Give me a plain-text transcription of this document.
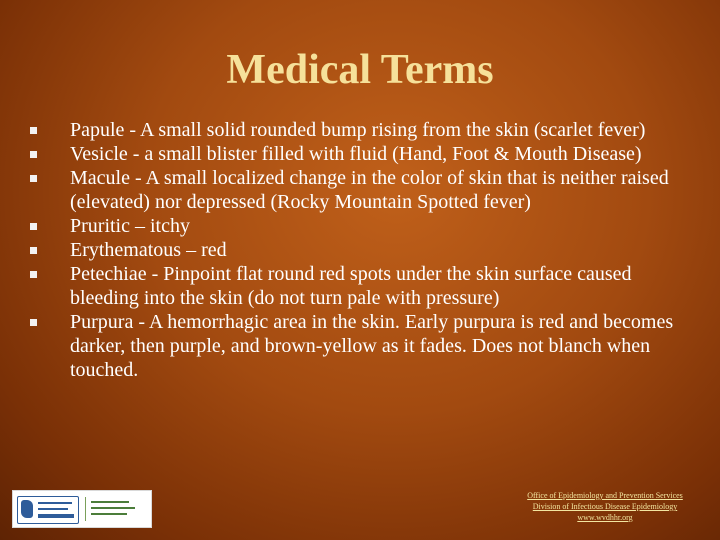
Medical Terms
Papule - A small solid rounded bump rising from the skin (scarlet fever)
Vesicle - a small blister filled with fluid (Hand, Foot & Mouth Disease)
Macule - A small localized change in the color of skin that is neither raised (elevated) nor depressed (Rocky Mountain Spotted fever)
Pruritic – itchy
Erythematous – red
Petechiae - Pinpoint flat round red spots under the skin surface caused bleeding into the skin (do not turn pale with pressure)
Purpura - A hemorrhagic area in the skin. Early purpura is red and becomes darker, then purple, and brown-yellow as it fades. Does not blanch when touched.
Office of Epidemiology and Prevention Services
Division of Infectious Disease Epidemiology
www.wvdhhr.org
